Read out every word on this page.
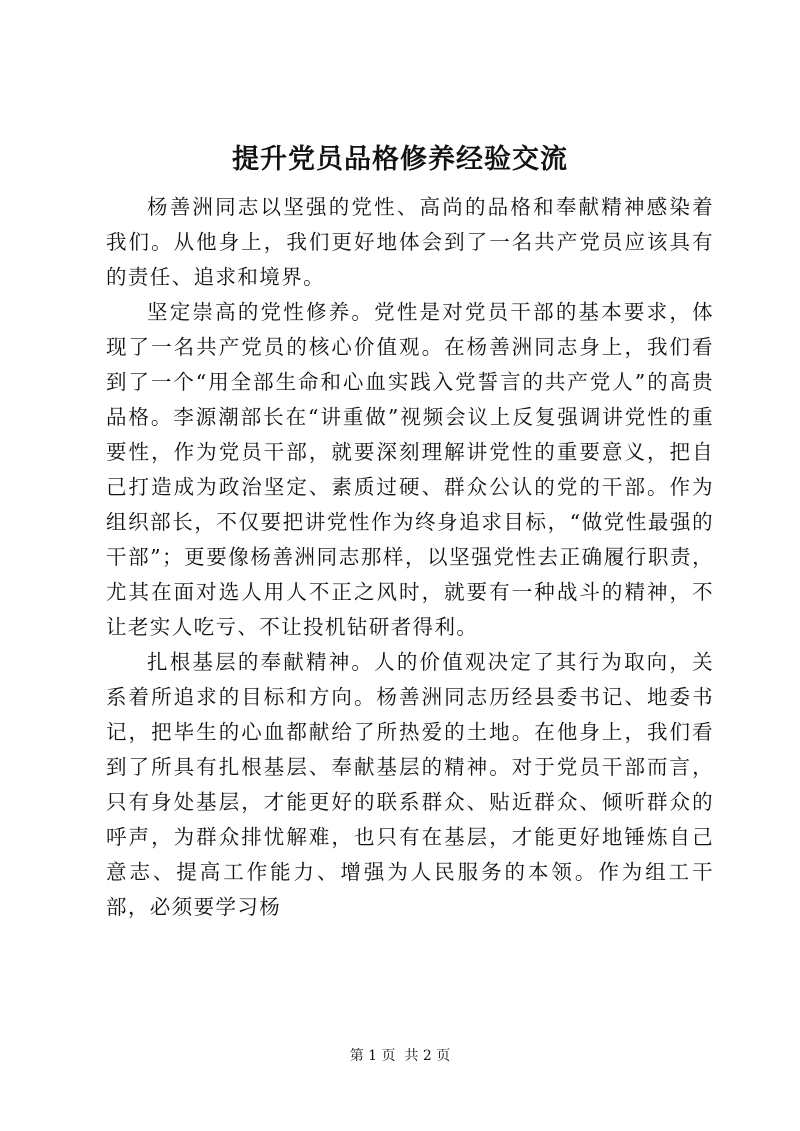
提升党员品格修养经验交流

杨善洲同志以坚强的党性、高尚的品格和奉献精神感染着我们。从他身上，我们更好地体会到了一名共产党员应该具有的责任、追求和境界。

坚定崇高的党性修养。党性是对党员干部的基本要求，体现了一名共产党员的核心价值观。在杨善洲同志身上，我们看到了一个“用全部生命和心血实践入党誓言的共产党人”的高贵品格。李源潮部长在“讲重做”视频会议上反复强调讲党性的重要性，作为党员干部，就要深刻理解讲党性的重要意义，把自己打造成为政治坚定、素质过硬、群众公认的党的干部。作为组织部长，不仅要把讲党性作为终身追求目标，“做党性最强的干部”；更要像杨善洲同志那样，以坚强党性去正确履行职责，尤其在面对选人用人不正之风时，就要有一种战斗的精神，不让老实人吃亏、不让投机钻研者得利。

扎根基层的奉献精神。人的价值观决定了其行为取向，关系着所追求的目标和方向。杨善洲同志历经县委书记、地委书记，把毕生的心血都献给了所热爱的土地。在他身上，我们看到了所具有扎根基层、奉献基层的精神。对于党员干部而言，只有身处基层，才能更好的联系群众、贴近群众、倾听群众的呼声，为群众排忧解难，也只有在基层，才能更好地锤炼自己意志、提高工作能力、增强为人民服务的本领。作为组工干部，必须要学习杨

第 1 页  共 2 页
